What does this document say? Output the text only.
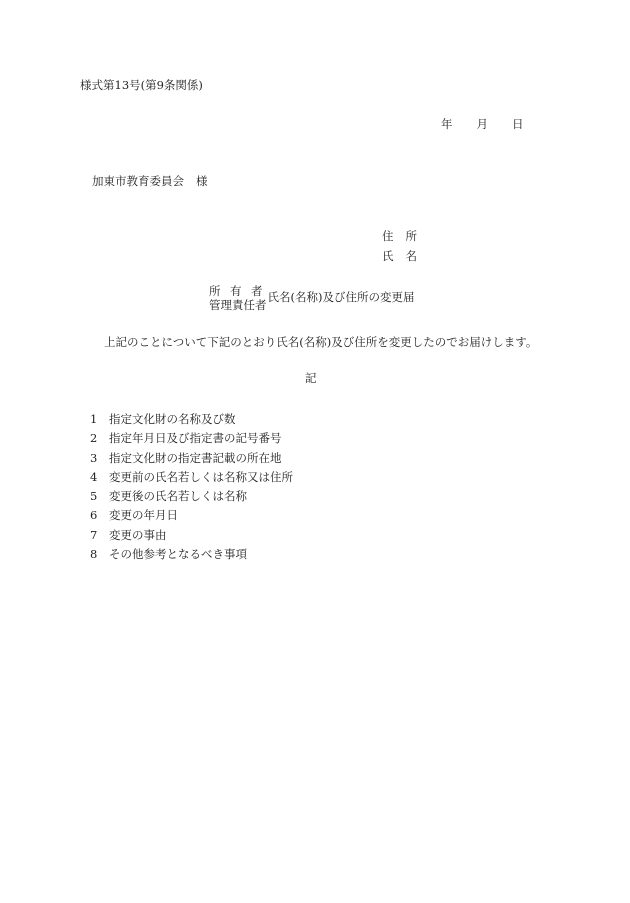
様式第13号(第9条関係)
年 月 日
加東市教育委員会 様
住 所
氏 名
所 有 者
管理責任者
氏名(名称)及び住所の変更届
上記のことについて下記のとおり氏名(名称)及び住所を変更したのでお届けします。
記
1	指定文化財の名称及び数
2	指定年月日及び指定書の記号番号
3	指定文化財の指定書記載の所在地
4	変更前の氏名若しくは名称又は住所
5	変更後の氏名若しくは名称
6	変更の年月日
7	変更の事由
8	その他参考となるべき事項
